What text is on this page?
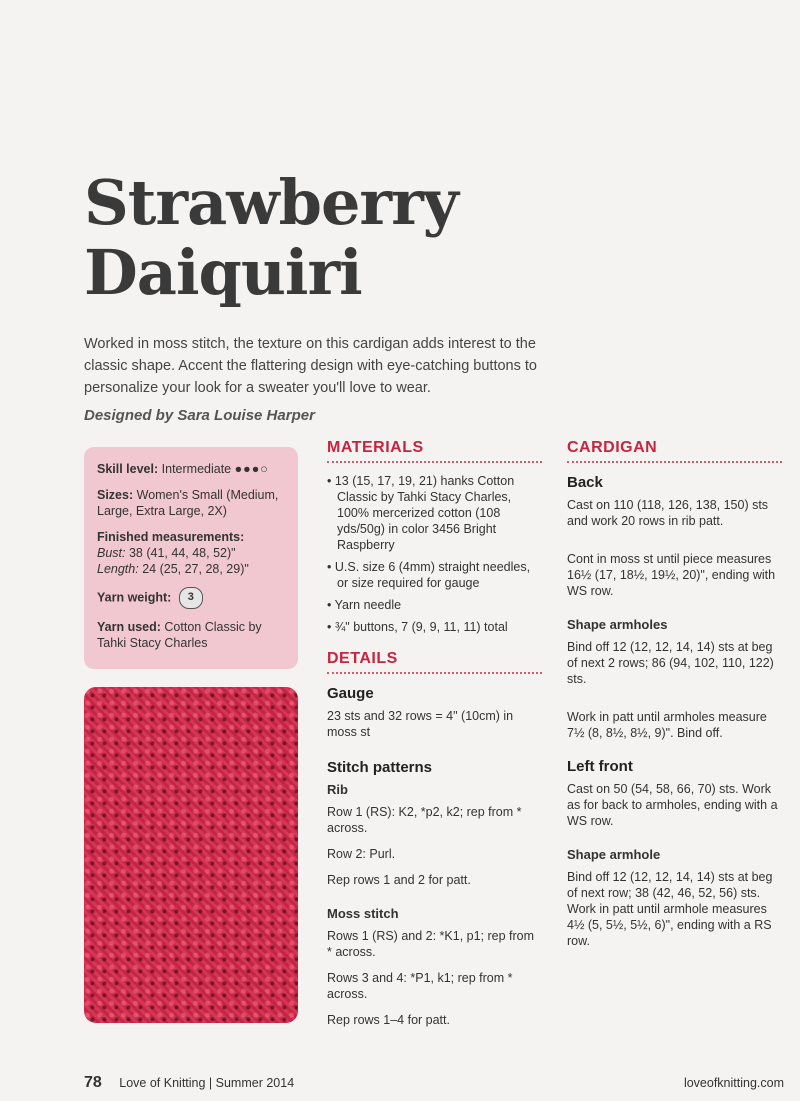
Strawberry
Daiquiri

Worked in moss stitch, the texture on this cardigan adds interest to the classic shape. Accent the flattering design with eye-catching buttons to personalize your look for a sweater you'll love to wear.

Designed by Sara Louise Harper
Skill level: Intermediate ●●●○
Sizes: Women's Small (Medium, Large, Extra Large, 2X)
Finished measurements:
Bust: 38 (41, 44, 48, 52)"
Length: 24 (25, 27, 28, 29)"
Yarn weight: 3
Yarn used: Cotton Classic by Tahki Stacy Charles
MATERIALS
• 13 (15, 17, 19, 21) hanks Cotton Classic by Tahki Stacy Charles, 100% mercerized cotton (108 yds/50g) in color 3456 Bright Raspberry
• U.S. size 6 (4mm) straight needles, or size required for gauge
• Yarn needle
• ¾" buttons, 7 (9, 9, 11, 11) total
DETAILS
Gauge
23 sts and 32 rows = 4" (10cm) in moss st
Stitch patterns
Rib
Row 1 (RS): K2, *p2, k2; rep from * across.
Row 2: Purl.
Rep rows 1 and 2 for patt.
Moss stitch
Rows 1 (RS) and 2: *K1, p1; rep from * across.
Rows 3 and 4: *P1, k1; rep from * across.
Rep rows 1–4 for patt.
CARDIGAN
Back
Cast on 110 (118, 126, 138, 150) sts and work 20 rows in rib patt.
Cont in moss st until piece measures 16½ (17, 18½, 19½, 20)", ending with WS row.
Shape armholes
Bind off 12 (12, 12, 14, 14) sts at beg of next 2 rows; 86 (94, 102, 110, 122) sts.
Work in patt until armholes measure 7½ (8, 8½, 8½, 9)". Bind off.
Left front
Cast on 50 (54, 58, 66, 70) sts. Work as for back to armholes, ending with a WS row.
Shape armhole
Bind off 12 (12, 12, 14, 14) sts at beg of next row; 38 (42, 46, 52, 56) sts. Work in patt until armhole measures 4½ (5, 5½, 5½, 6)", ending with a RS row.
78 Love of Knitting | Summer 2014	loveofknitting.com
